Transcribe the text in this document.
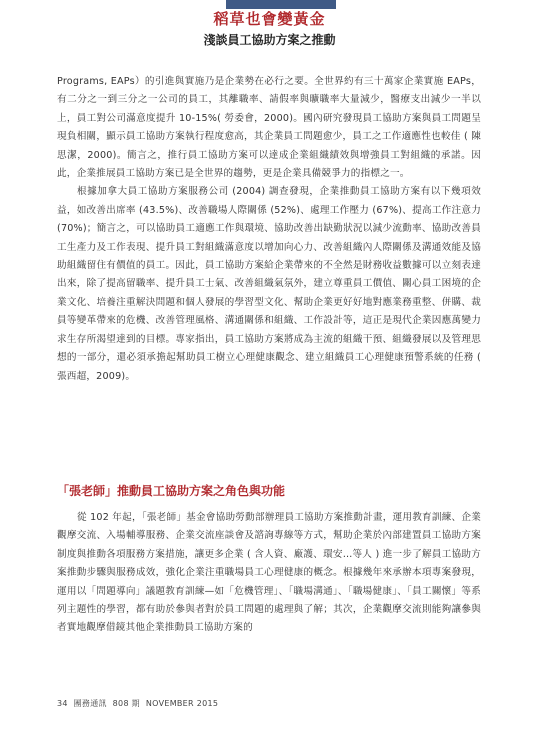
稻草也會變黃金
淺談員工協助方案之推動

Programs, EAPs）的引進與實施乃是企業勢在必行之要。全世界約有三十萬家企業實施 EAPs，有二分之一到三分之一公司的員工，其離職率、請假率與曠職率大量減少，醫療支出減少一半以上，員工對公司滿意度提升 10-15%( 勞委會，2000)。國內研究發現員工協助方案與員工問題呈現負相關，顯示員工協助方案執行程度愈高，其企業員工問題愈少，員工之工作適應性也較佳 ( 陳思潔，2000)。簡言之，推行員工協助方案可以達成企業組織績效與增強員工對組織的承諾。因此，企業推展員工協助方案已是全世界的趨勢，更是企業具備競爭力的指標之一。

根據加拿大員工協助方案服務公司 (2004) 調查發現，企業推動員工協助方案有以下幾項效益，如改善出席率 (43.5%)、改善職場人際關係 (52%)、處理工作壓力 (67%)、提高工作注意力 (70%)；簡言之，可以協助員工適應工作與環境、協助改善出缺勤狀況以減少流動率、協助改善員工生產力及工作表現、提升員工對組織滿意度以增加向心力、改善組織內人際關係及溝通效能及協助組織留住有價值的員工。因此，員工協助方案給企業帶來的不全然是財務收益數據可以立刻表達出來，除了提高留職率、提升員工士氣、改善組織氣氛外，建立尊重員工價值、關心員工困境的企業文化、培養注重解決問題和個人發展的學習型文化、幫助企業更好好地對應業務重整、併購、裁員等變革帶來的危機、改善管理風格、溝通關係和組織、工作設計等，這正是現代企業因應萬變力求生存所渴望達到的目標。專家指出，員工協助方案將成為主流的組織干預、組織發展以及管理思想的一部分，還必須承擔起幫助員工樹立心理健康觀念、建立組織員工心理健康預警系統的任務 ( 張西超，2009)。

「張老師」推動員工協助方案之角色與功能

從 102 年起，「張老師」基金會協助勞動部辦理員工協助方案推動計畫，運用教育訓練、企業觀摩交流、入場輔導服務、企業交流座談會及諮詢專線等方式，幫助企業於內部建置員工協助方案制度與推動各項服務方案措施，讓更多企業 ( 含人資、廠護、環安…等人 ) 進一步了解員工協助方案推動步驟與服務成效，強化企業注重職場員工心理健康的概念。根據幾年來承辦本項專案發現，運用以「問題導向」議題教育訓練—如「危機管理」、「職場溝通」、「職場健康」、「員工關懷」等系列主題性的學習，都有助於參與者對於員工問題的處理與了解；其次，企業觀摩交流則能夠讓參與者實地觀摩借鏡其他企業推動員工協助方案的

34 團務通訊 808 期 NOVEMBER 2015
